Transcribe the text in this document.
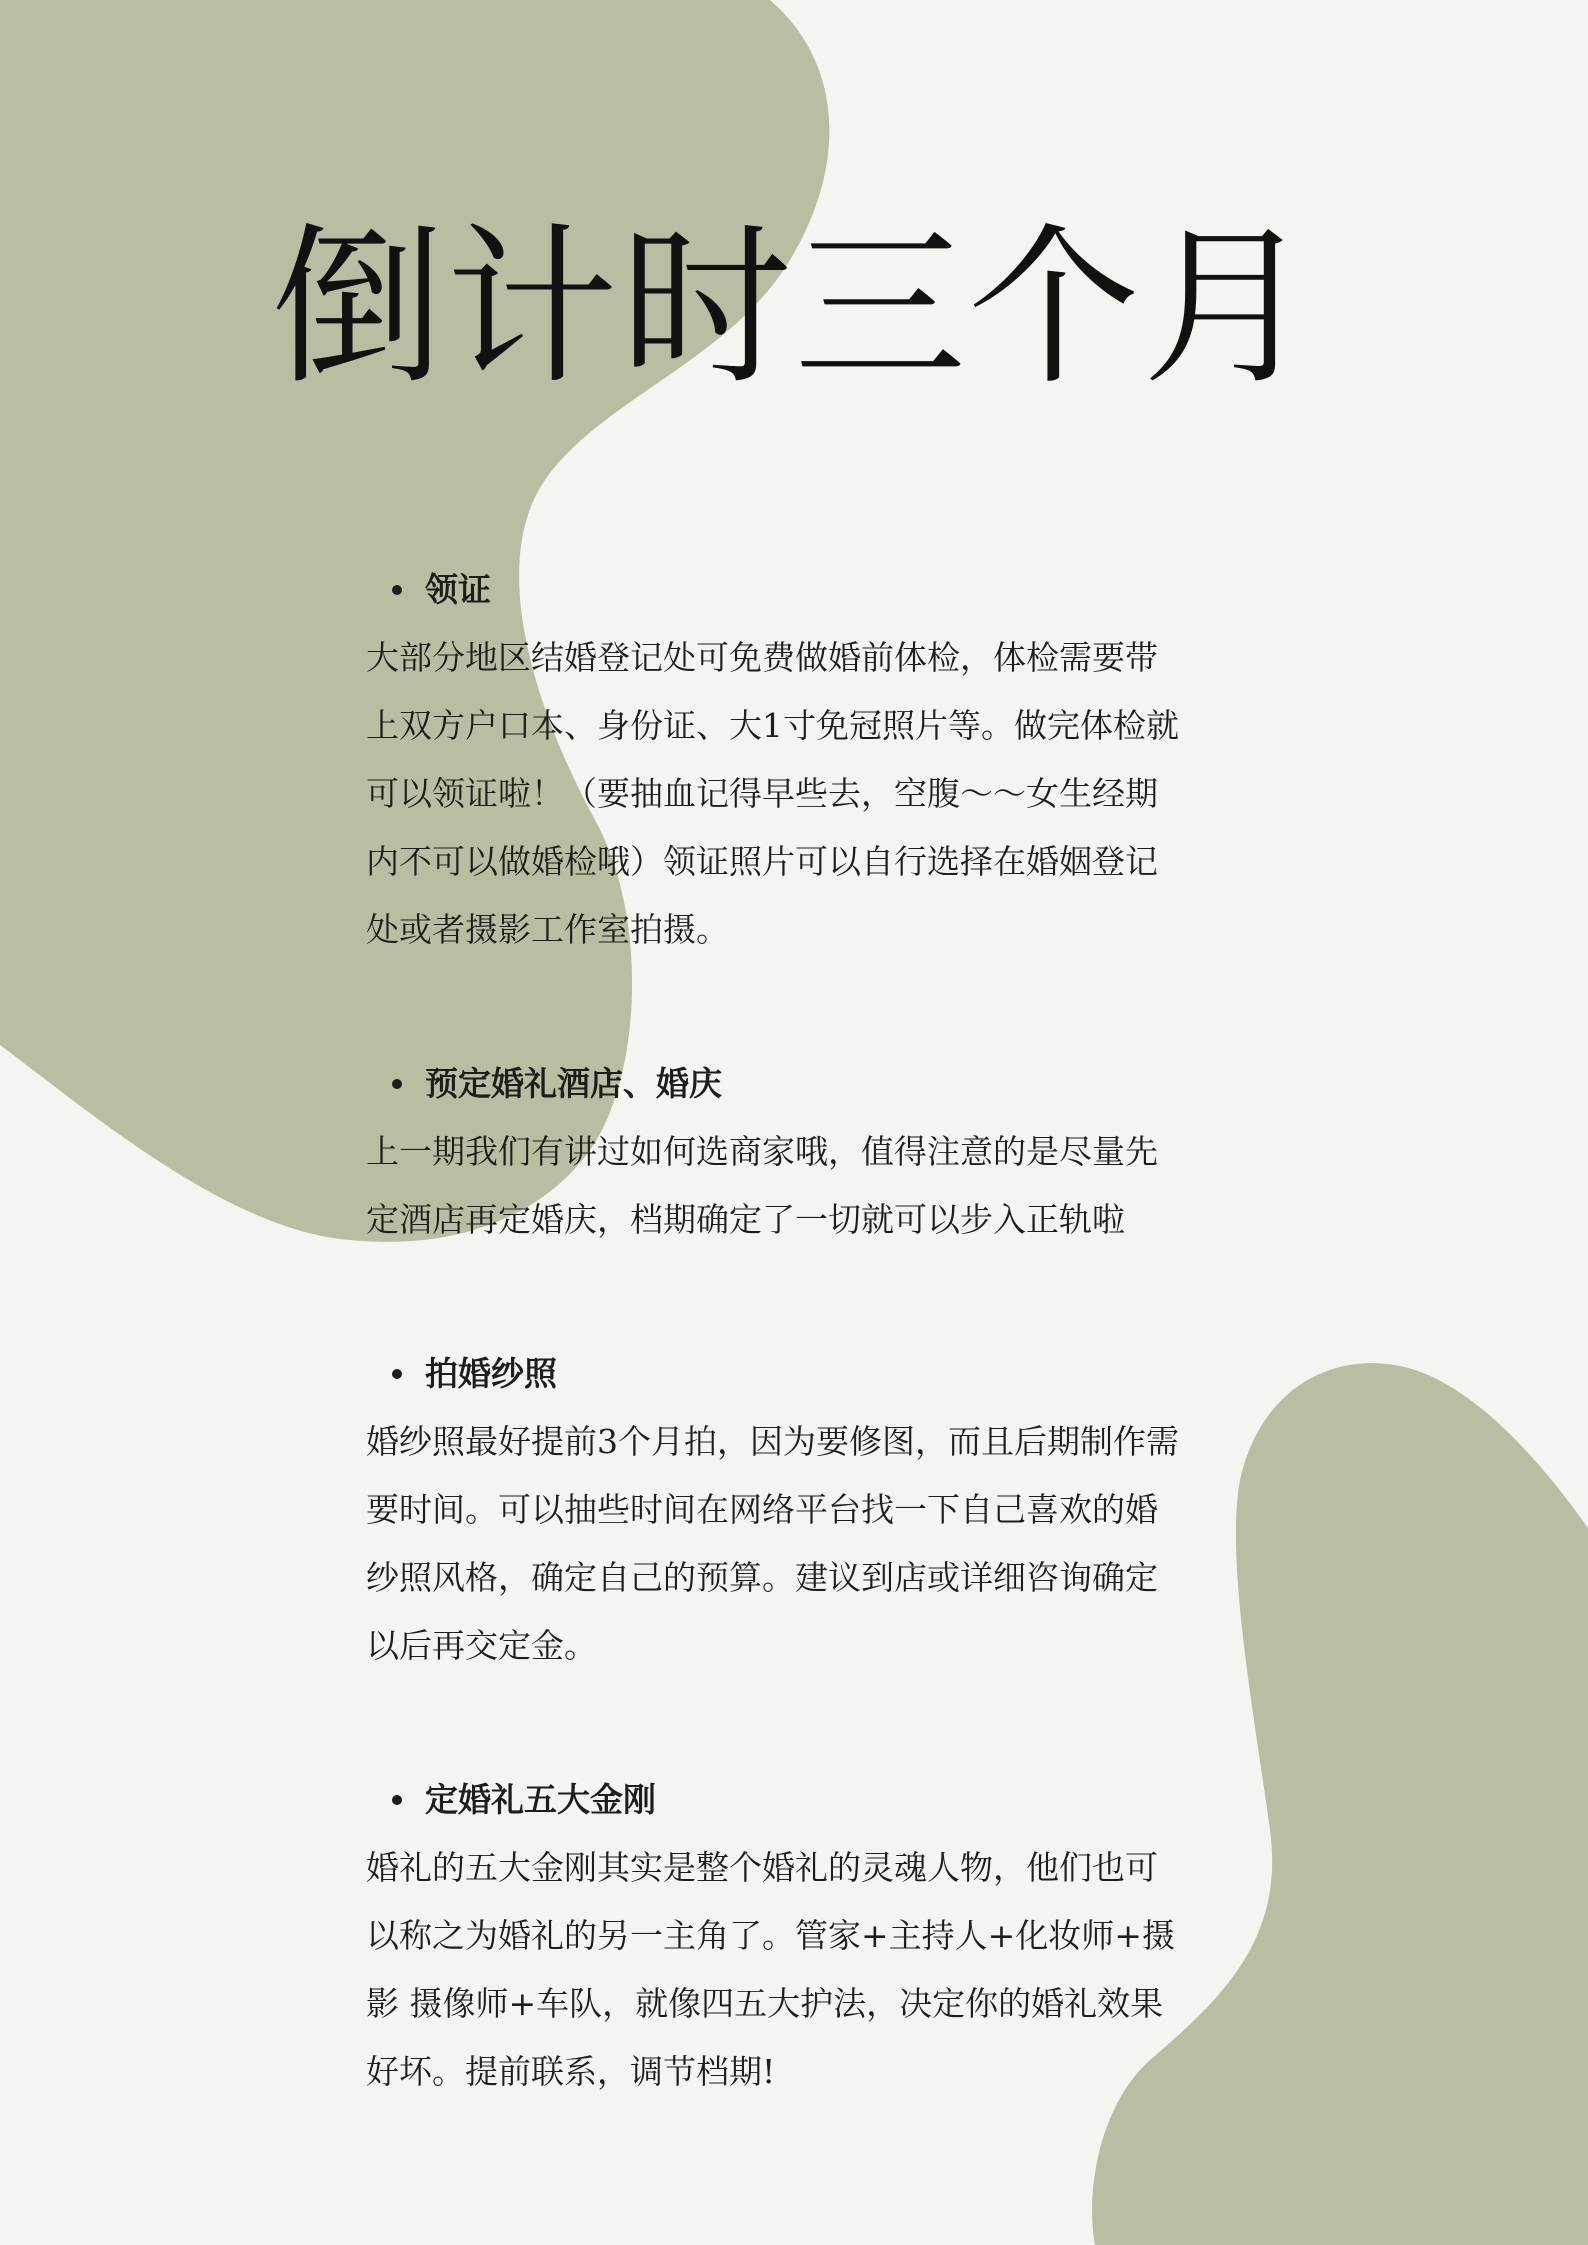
倒计时三个月
领证
大部分地区结婚登记处可免费做婚前体检，体检需要带
上双方户口本、身份证、大1寸免冠照片等。做完体检就
可以领证啦！（要抽血记得早些去，空腹～～女生经期
内不可以做婚检哦）领证照片可以自行选择在婚姻登记
处或者摄影工作室拍摄。
预定婚礼酒店、婚庆
上一期我们有讲过如何选商家哦，值得注意的是尽量先
定酒店再定婚庆，档期确定了一切就可以步入正轨啦
拍婚纱照
婚纱照最好提前3个月拍，因为要修图，而且后期制作需
要时间。可以抽些时间在网络平台找一下自己喜欢的婚
纱照风格，确定自己的预算。建议到店或详细咨询确定
以后再交定金。
定婚礼五大金刚
婚礼的五大金刚其实是整个婚礼的灵魂人物，他们也可
以称之为婚礼的另一主角了。管家+主持人+化妆师+摄
影 摄像师+车队，就像四五大护法，决定你的婚礼效果
好坏。提前联系，调节档期!
